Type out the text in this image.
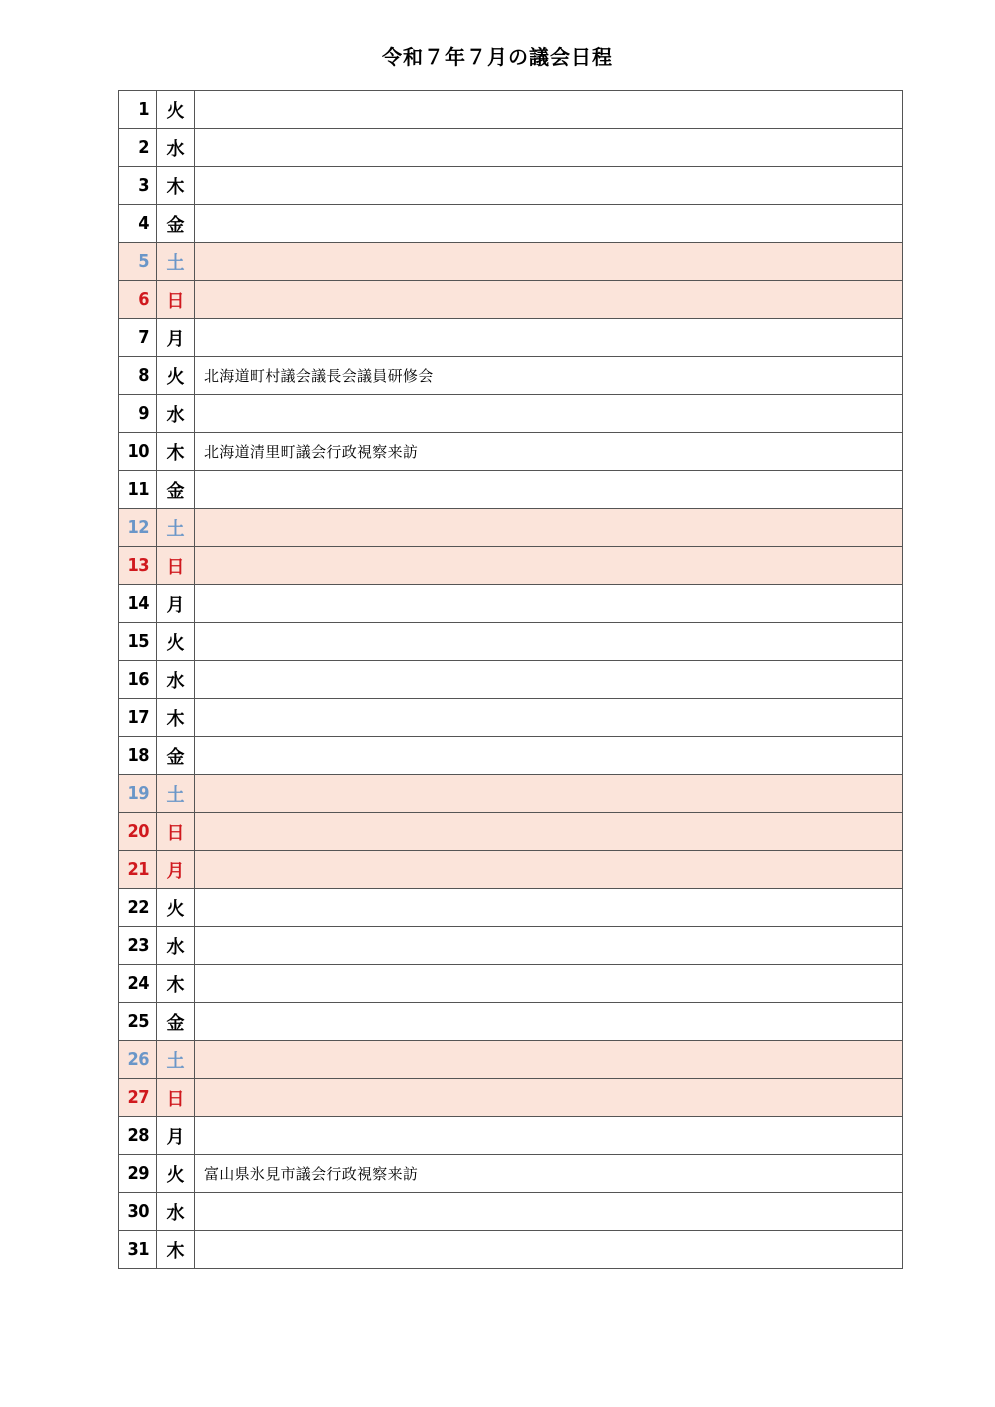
令和７年７月の議会日程
1	火	
2	水	
3	木	
4	金	
5	土	
6	日	
7	月	
8	火	北海道町村議会議長会議員研修会
9	水	
10	木	北海道清里町議会行政視察来訪
11	金	
12	土	
13	日	
14	月	
15	火	
16	水	
17	木	
18	金	
19	土	
20	日	
21	月	
22	火	
23	水	
24	木	
25	金	
26	土	
27	日	
28	月	
29	火	富山県氷見市議会行政視察来訪
30	水	
31	木	
